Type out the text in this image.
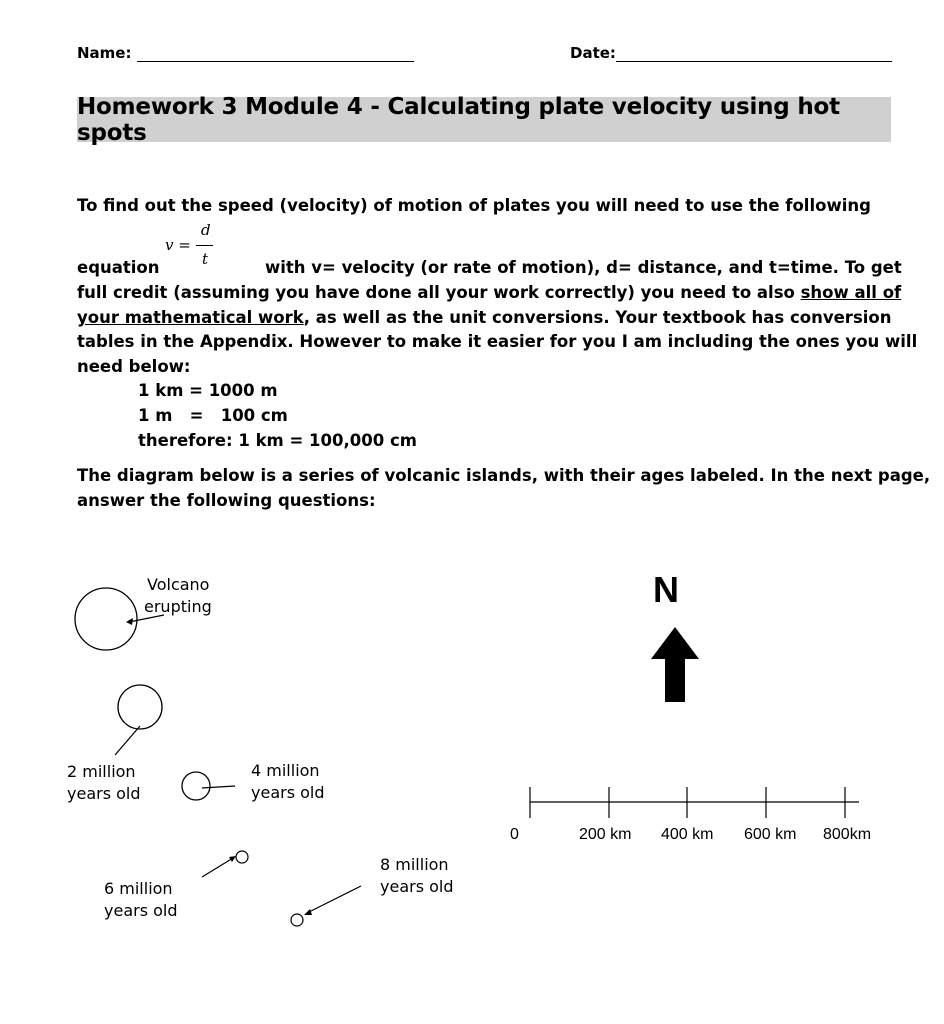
Name:	Date:
Homework 3 Module 4 - Calculating plate velocity using hot spots
To find out the speed (velocity) of motion of plates you will need to use the following
v =
d
t
equation	with v= velocity (or rate of motion), d= distance, and t=time. To get
full credit (assuming you have done all your work correctly) you need to also show all of
your mathematical work, as well as the unit conversions. Your textbook has conversion
tables in the Appendix. However to make it easier for you I am including the ones you will
need below:
1 km = 1000 m
1 m   =   100 cm
therefore: 1 km = 100,000 cm
The diagram below is a series of volcanic islands, with their ages labeled. In the next page,
answer the following questions:
Volcano
erupting
2 million
years old
4 million
years old
6 million
years old
8 million
years old
N
0	200 km 400 km 600 km 800km
